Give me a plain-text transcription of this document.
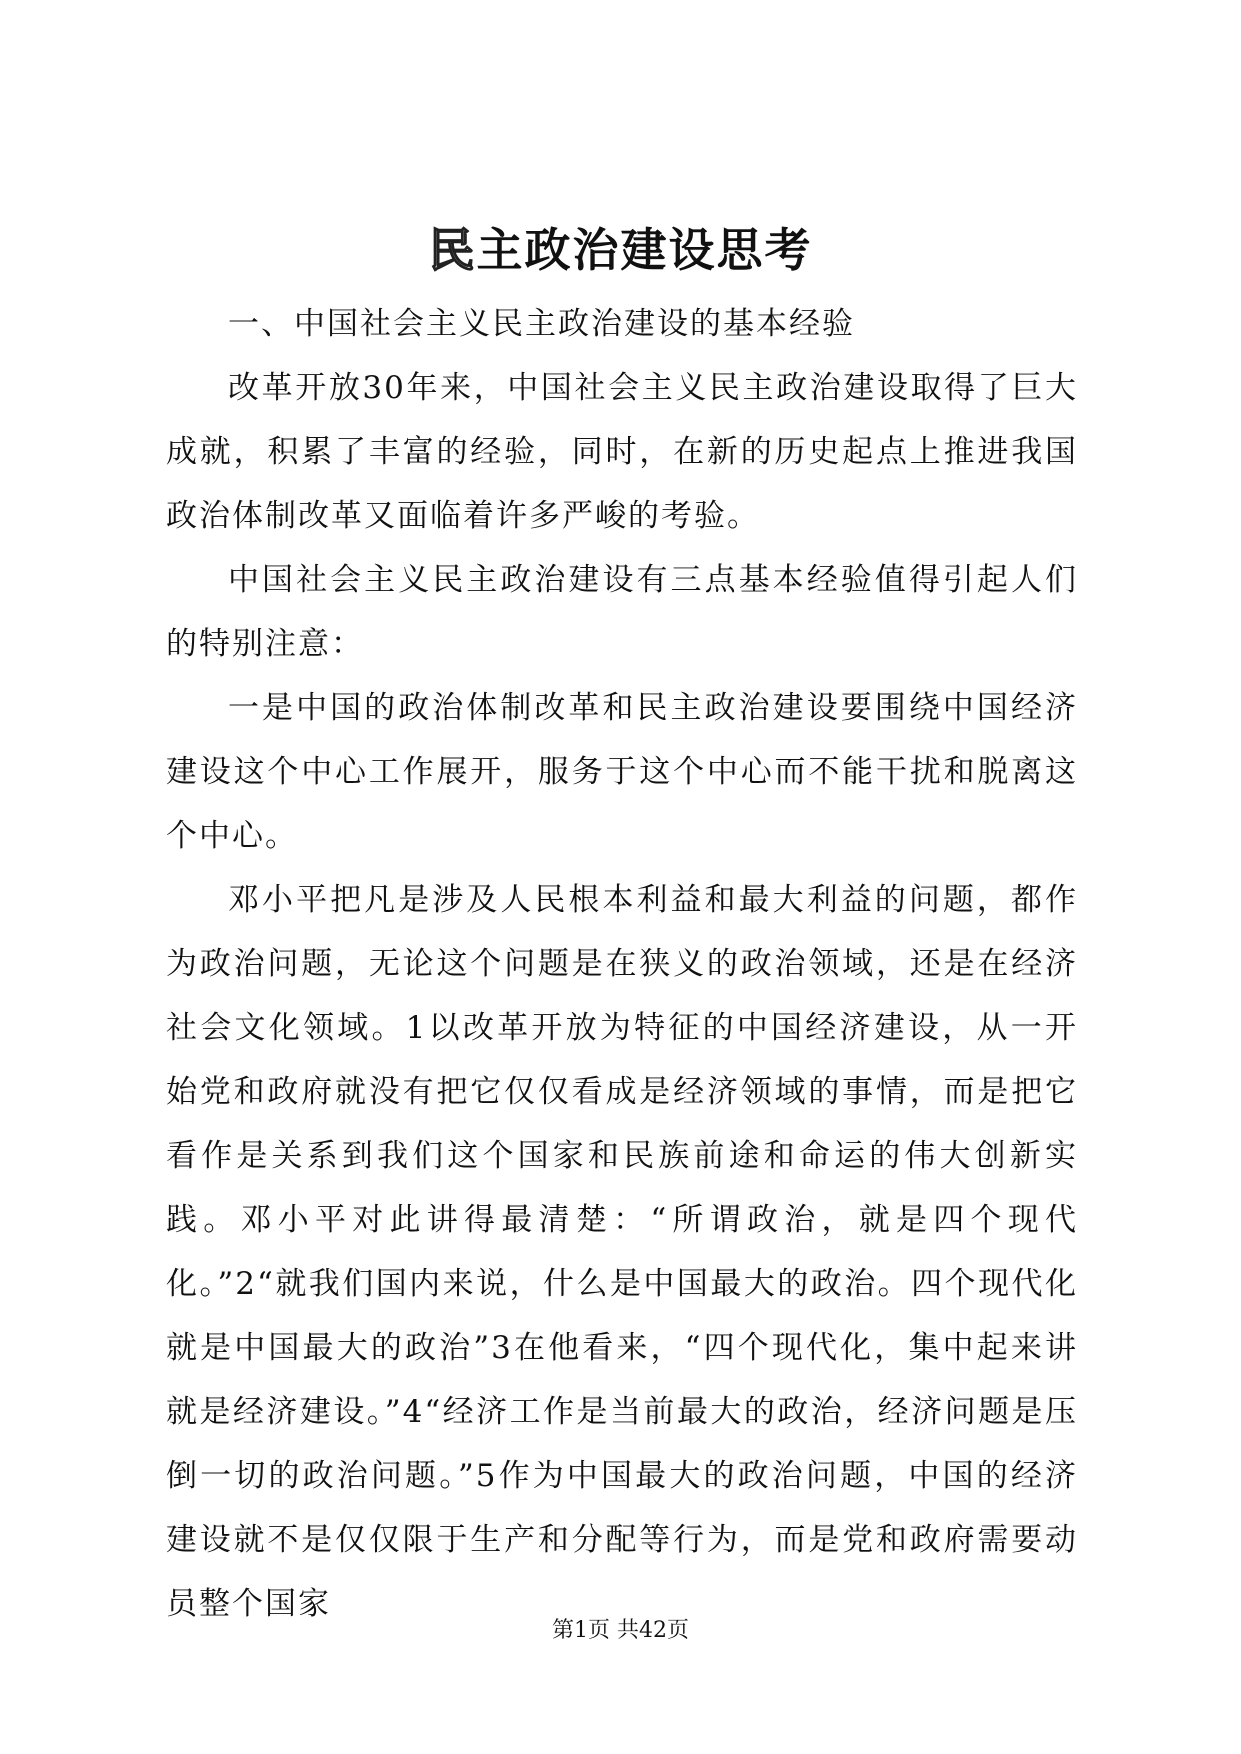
民主政治建设思考

一、中国社会主义民主政治建设的基本经验

改革开放30年来，中国社会主义民主政治建设取得了巨大成就，积累了丰富的经验，同时，在新的历史起点上推进我国政治体制改革又面临着许多严峻的考验。

中国社会主义民主政治建设有三点基本经验值得引起人们的特别注意：

一是中国的政治体制改革和民主政治建设要围绕中国经济建设这个中心工作展开，服务于这个中心而不能干扰和脱离这个中心。

邓小平把凡是涉及人民根本利益和最大利益的问题，都作为政治问题，无论这个问题是在狭义的政治领域，还是在经济社会文化领域。1以改革开放为特征的中国经济建设，从一开始党和政府就没有把它仅仅看成是经济领域的事情，而是把它看作是关系到我们这个国家和民族前途和命运的伟大创新实践。邓小平对此讲得最清楚：“所谓政治，就是四个现代化。”2“就我们国内来说，什么是中国最大的政治。四个现代化就是中国最大的政治”3在他看来，“四个现代化，集中起来讲就是经济建设。”4“经济工作是当前最大的政治，经济问题是压倒一切的政治问题。”5作为中国最大的政治问题，中国的经济建设就不是仅仅限于生产和分配等行为，而是党和政府需要动员整个国家

第1页 共42页
